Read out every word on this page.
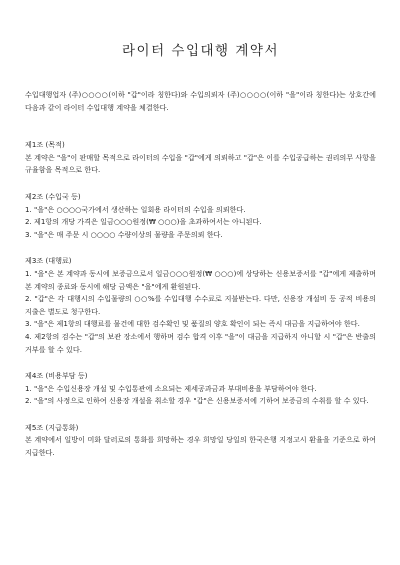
라이터 수입대행 계약서

수입대행업자 (주)○○○○(이하 "갑"이라 칭한다)와 수입의뢰자 (주)○○○○(이하 "을"이라 칭한다)는 상호간에 다음과 같이 라이터 수입대행 계약을 체결한다.

제1조 (목적)

본 계약은 "을"이 판매할 목적으로 라이터의 수입을 "갑"에게 의뢰하고 "갑"은 이를 수입공급하는 권리의무 사항을 규율함을 목적으로 한다.

제2조 (수입국 등)

1. "을"은 ○○○○국가에서 생산하는 일회용 라이터의 수입을 의뢰한다.

2. 제1항의 개당 가격은 일금○○○원정(₩ ○○○)을 초과하여서는 아니된다.

3. "을"은 매 주문 시 ○○○○ 수량이상의 물량을 주문의뢰 한다.

제3조 (대행료)

1. "을"은 본 계약과 동시에 보증금으로서 일금○○○원정(₩ ○○○)에 상당하는 신용보증서를 "갑"에게 제출하며 본 계약의 종료와 동시에 해당 금액은 "을"에게 환원된다.

2. "갑"은 각 대행시의 수입물량의 ○○%를 수입대행 수수료로 지불받는다. 다만, 신용장 개설비 등 공적 비용의 지출은 별도로 청구한다.

3. "을"은 제1항의 대행료를 물건에 대한 검수확인 및 품질의 양호 확인이 되는 즉시 대금을 지급하여야 한다.

4. 제2항의 검수는 "갑"의 보관 장소에서 행하며 검수 합격 이후 "을"이 대금을 지급하지 아니할 시 "갑"은 반출의 거부를 할 수 있다.

제4조 (비용부담 등)

1. "을"은 수입신용장 개설 및 수입통관에 소요되는 제세공과금과 부대비용을 부담하여야 한다.

2. "을"의 사정으로 인하여 신용장 개설을 취소할 경우 "갑"은 신용보증서에 기하여 보증금의 수취를 할 수 있다.

제5조 (지급통화)

본 계약에서 일방이 미화 달러로의 통화를 희망하는 경우 희망일 당일의 한국은행 지정고시 환율을 기준으로 하여 지급한다.
